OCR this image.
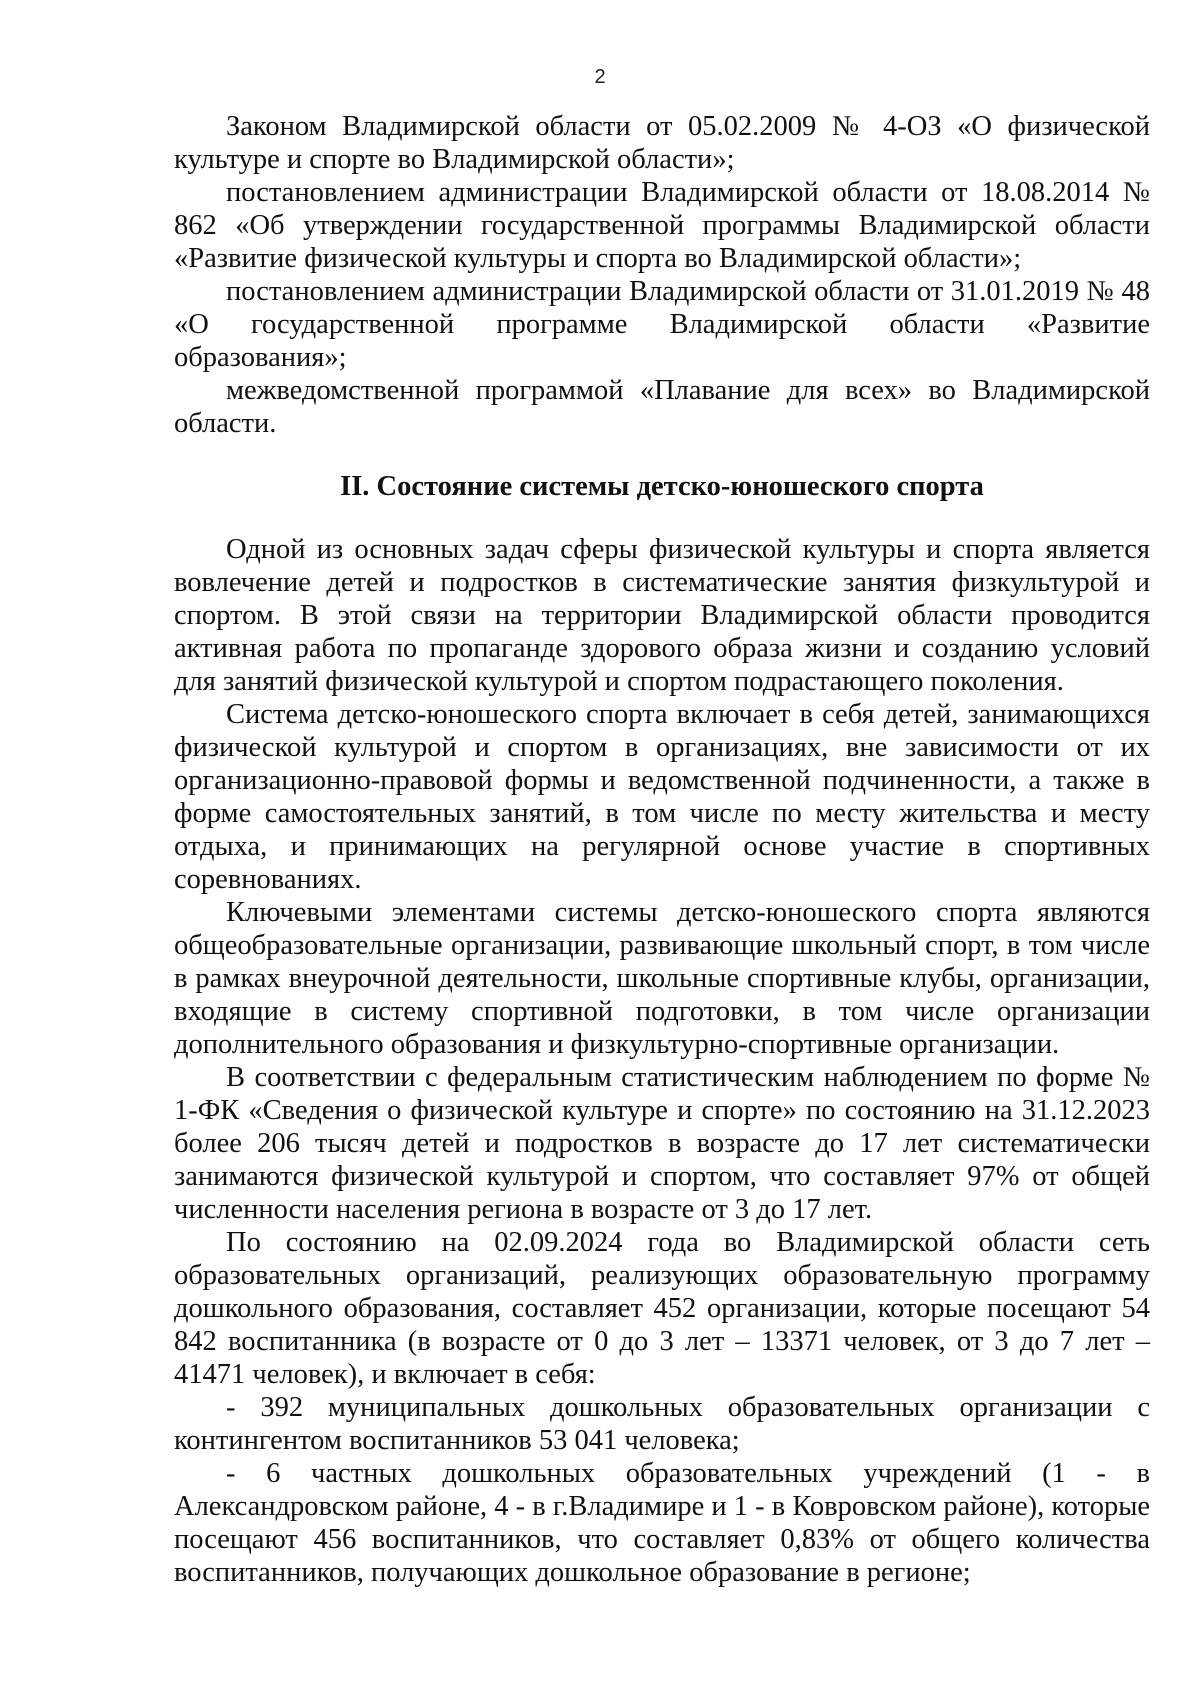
2

Законом Владимирской области от 05.02.2009 № 4-ОЗ «О физической культуре и спорте во Владимирской области»;

постановлением администрации Владимирской области от 18.08.2014 № 862 «Об утверждении государственной программы Владимирской области «Развитие физической культуры и спорта во Владимирской области»;

постановлением администрации Владимирской области от 31.01.2019 № 48 «О государственной программе Владимирской области «Развитие образования»;

межведомственной программой «Плавание для всех» во Владимирской области.

II. Состояние системы детско-юношеского спорта

Одной из основных задач сферы физической культуры и спорта является вовлечение детей и подростков в систематические занятия физкультурой и спортом. В этой связи на территории Владимирской области проводится активная работа по пропаганде здорового образа жизни и созданию условий для занятий физической культурой и спортом подрастающего поколения.

Система детско-юношеского спорта включает в себя детей, занимающихся физической культурой и спортом в организациях, вне зависимости от их организационно-правовой формы и ведомственной подчиненности, а также в форме самостоятельных занятий, в том числе по месту жительства и месту отдыха, и принимающих на регулярной основе участие в спортивных соревнованиях.

Ключевыми элементами системы детско-юношеского спорта являются общеобразовательные организации, развивающие школьный спорт, в том числе в рамках внеурочной деятельности, школьные спортивные клубы, организации, входящие в систему спортивной подготовки, в том числе организации дополнительного образования и физкультурно-спортивные организации.

В соответствии с федеральным статистическим наблюдением по форме № 1-ФК «Сведения о физической культуре и спорте» по состоянию на 31.12.2023 более 206 тысяч детей и подростков в возрасте до 17 лет систематически занимаются физической культурой и спортом, что составляет 97% от общей численности населения региона в возрасте от 3 до 17 лет.

По состоянию на 02.09.2024 года во Владимирской области сеть образовательных организаций, реализующих образовательную программу дошкольного образования, составляет 452 организации, которые посещают 54 842 воспитанника (в возрасте от 0 до 3 лет – 13371 человек, от 3 до 7 лет – 41471 человек), и включает в себя:

- 392 муниципальных дошкольных образовательных организации с контингентом воспитанников 53 041 человека;

- 6 частных дошкольных образовательных учреждений (1 - в Александровском районе, 4 - в г.Владимире и 1 - в Ковровском районе), которые посещают 456 воспитанников, что составляет 0,83% от общего количества воспитанников, получающих дошкольное образование в регионе;
